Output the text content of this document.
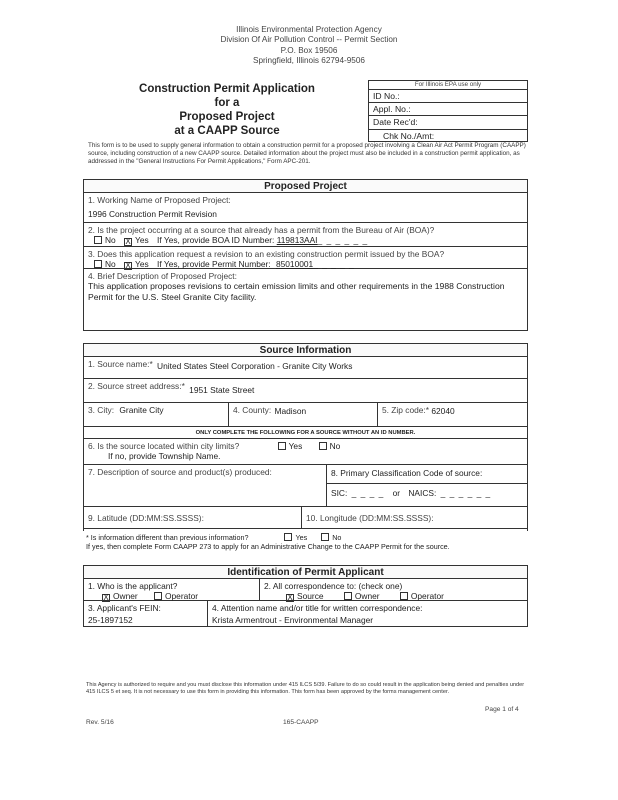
Illinois Environmental Protection Agency
Division Of Air Pollution Control -- Permit Section
P.O. Box 19506
Springfield, Illinois 62794-9506
Construction Permit Application
for a
Proposed Project
at a CAAPP Source
For Illinois EPA use only
ID No.:
Appl. No.:
Date Rec'd:
Chk No./Amt:
This form is to be used to supply general information to obtain a construction permit for a proposed project involving a Clean Air Act Permit Program (CAAPP) source, including construction of a new CAAPP source. Detailed information about the project must also be included in a construction permit application, as addressed in the "General Instructions For Permit Applications," Form APC-201.
Proposed Project
1. Working Name of Proposed Project:
1996 Construction Permit Revision
2. Is the project occurring at a source that already has a permit from the Bureau of Air (BOA)?
No X Yes If Yes, provide BOA ID Number: 119813AAI_ _ _ _ _ _
3. Does this application request a revision to an existing construction permit issued by the BOA?
No X Yes If Yes, provide Permit Number: 85010001_ _ _ _ _
4. Brief Description of Proposed Project:
This application proposes revisions to certain emission limits and other requirements in the 1988 Construction Permit for the U.S. Steel Granite City facility.
Source Information
1. Source name:* United States Steel Corporation - Granite City Works
2. Source street address:* 1951 State Street
3. City: Granite City	4. County: Madison	5. Zip code:* 62040
ONLY COMPLETE THE FOLLOWING FOR A SOURCE WITHOUT AN ID NUMBER.
6. Is the source located within city limits?	Yes	No
If no, provide Township Name.
7. Description of source and product(s) produced:	8. Primary Classification Code of source:
SIC: _ _ _ _ or NAICS: _ _ _ _ _ _
9. Latitude (DD:MM:SS.SSSS):	10. Longitude (DD:MM:SS.SSSS):
* Is information different than previous information?	Yes	No
If yes, then complete Form CAAPP 273 to apply for an Administrative Change to the CAAPP Permit for the source.
Identification of Permit Applicant
1. Who is the applicant?
X Owner	Operator
2. All correspondence to: (check one)
X Source	Owner	Operator
3. Applicant's FEIN:
25-1897152
4. Attention name and/or title for written correspondence:
Krista Armentrout - Environmental Manager
This Agency is authorized to require and you must disclose this information under 415 ILCS 5/39. Failure to do so could result in the application being denied and penalties under 415 ILCS 5 et seq. It is not necessary to use this form in providing this information. This form has been approved by the forms management center.
Page 1 of 4
Rev. 5/16	165-CAAPP
